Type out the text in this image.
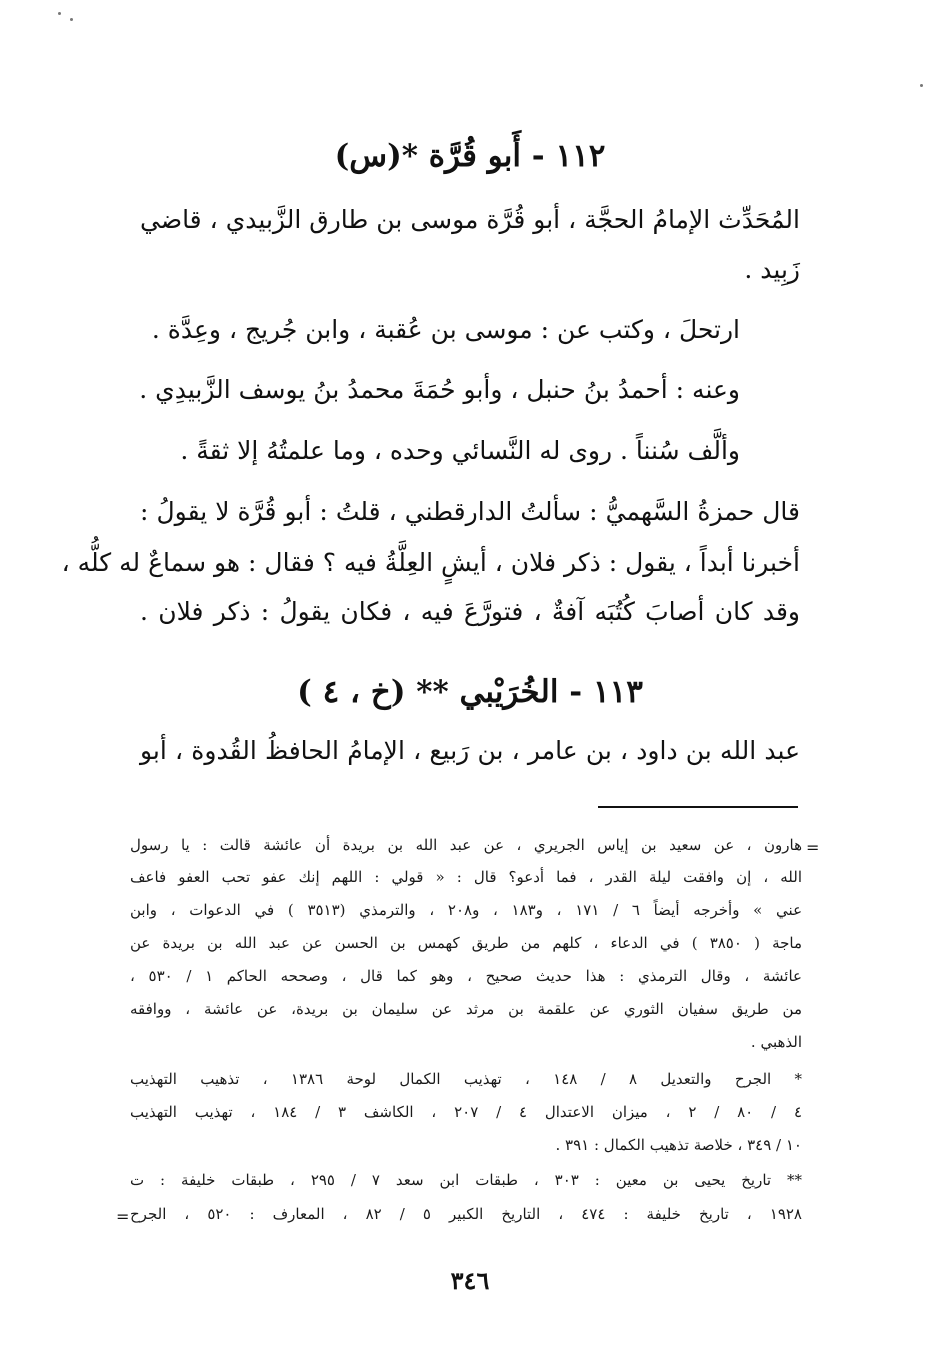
١١٢ - أَبو قُرَّة *(س)
المُحَدِّث الإمامُ الحجَّة ، أبو قُرَّة موسى بن طارق الزَّبيدي ، قاضي
زَبِيد .
ارتحلَ ، وكتب عن : موسى بن عُقبة ، وابن جُريج ، وعِدَّة .
وعنه : أحمدُ بنُ حنبل ، وأبو حُمَةَ محمدُ بنُ يوسف الزَّبيدِي .
وألَّف سُنناً . روى له النَّسائي وحده ، وما علمتُهُ إلا ثقةً .
قال حمزةُ السَّهميُّ : سألتُ الدارقطني ، قلتُ : أبو قُرَّة لا يقولُ :
أخبرنا أبداً ، يقول : ذكر فلان ، أيشٍ العِلَّةُ فيه ؟ فقال : هو سماعٌ له كلُّه ،
وقد كان أصابَ كُتُبَه آفةٌ ، فتورَّعَ فيه ، فكان يقولُ : ذكر فلان .
١١٣ - الخُرَيْبي ** (خ ، ٤ )
عبد الله بن داود ، بن عامر ، بن رَبيع ، الإمامُ الحافظُ القُدوة ، أبو
=
هارون ، عن سعيد بن إياس الجريري ، عن عبد الله بن بريدة أن عائشة قالت : يا رسول
الله ، إن وافقت ليلة القدر ، فما أدعو؟ قال : « قولي : اللهم إنك عفو تحب العفو فاعف
عني » وأخرجه أيضاً ٦ / ١٧١ ، و١٨٣ ، و٢٠٨ ، والترمذي (٣٥١٣ ) في الدعوات ، وابن
ماجة ( ٣٨٥٠ ) في الدعاء ، كلهم من طريق كهمس بن الحسن عن عبد الله بن بريدة عن
عائشة ، وقال الترمذي : هذا حديث صحيح ، وهو كما قال ، وصححه الحاكم ١ / ٥٣٠ ،
من طريق سفيان الثوري عن علقمة بن مرثد عن سليمان بن بريدة، عن عائشة ، ووافقه
الذهبي .
* الجرح والتعديل ٨ / ١٤٨ ، تهذيب الكمال لوحة ١٣٨٦ ، تذهيب التهذيب
٤ / ٨٠ / ٢ ، ميزان الاعتدال ٤ / ٢٠٧ ، الكاشف ٣ / ١٨٤ ، تهذيب التهذيب
١٠ / ٣٤٩ ، خلاصة تذهيب الكمال : ٣٩١ .
** تاريخ يحيى بن معين : ٣٠٣ ، طبقات ابن سعد ٧ / ٢٩٥ ، طبقات خليفة : ت
١٩٢٨ ، تاريخ خليفة : ٤٧٤ ، التاريخ الكبير ٥ / ٨٢ ، المعارف : ٥٢٠ ، الجرح
=
٣٤٦
